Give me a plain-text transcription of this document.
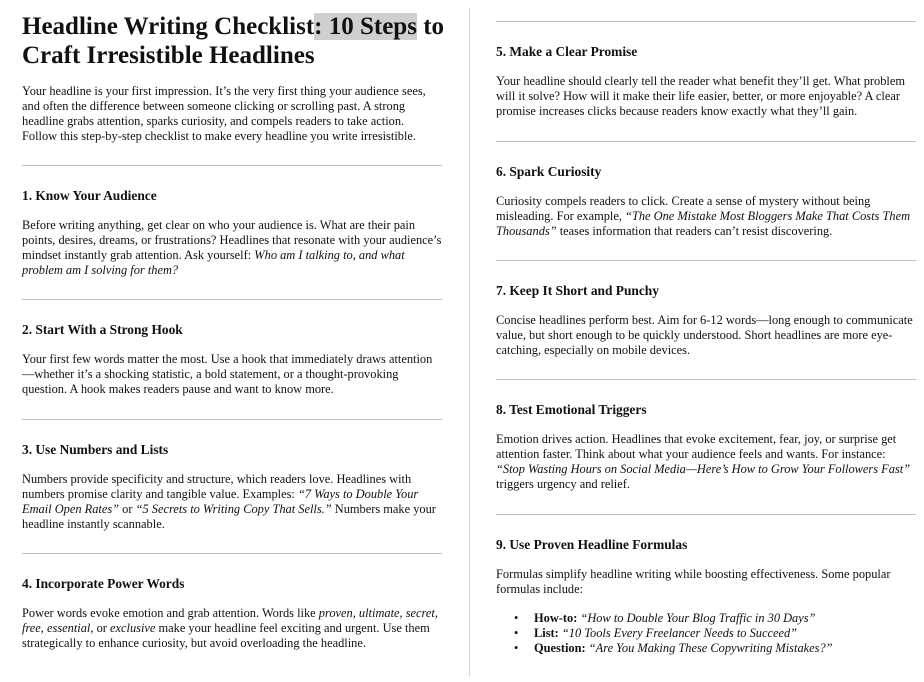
Headline Writing Checklist: 10 Steps to
Craft Irresistible Headlines

Your headline is your first impression. It’s the very first thing your audience sees, and often the difference between someone clicking or scrolling past. A strong headline grabs attention, sparks curiosity, and compels readers to take action. Follow this step-by-step checklist to make every headline you write irresistible.

1. Know Your Audience

Before writing anything, get clear on who your audience is. What are their pain points, desires, dreams, or frustrations? Headlines that resonate with your audience’s mindset instantly grab attention. Ask yourself: Who am I talking to, and what problem am I solving for them?

2. Start With a Strong Hook

Your first few words matter the most. Use a hook that immediately draws attention—whether it’s a shocking statistic, a bold statement, or a thought-provoking question. A hook makes readers pause and want to know more.

3. Use Numbers and Lists

Numbers provide specificity and structure, which readers love. Headlines with numbers promise clarity and tangible value. Examples: “7 Ways to Double Your Email Open Rates” or “5 Secrets to Writing Copy That Sells.” Numbers make your headline instantly scannable.

4. Incorporate Power Words

Power words evoke emotion and grab attention. Words like proven, ultimate, secret, free, essential, or exclusive make your headline feel exciting and urgent. Use them strategically to enhance curiosity, but avoid overloading the headline.

5. Make a Clear Promise

Your headline should clearly tell the reader what benefit they’ll get. What problem will it solve? How will it make their life easier, better, or more enjoyable? A clear promise increases clicks because readers know exactly what they’ll gain.

6. Spark Curiosity

Curiosity compels readers to click. Create a sense of mystery without being misleading. For example, “The One Mistake Most Bloggers Make That Costs Them Thousands” teases information that readers can’t resist discovering.

7. Keep It Short and Punchy

Concise headlines perform best. Aim for 6-12 words—long enough to communicate value, but short enough to be quickly understood. Short headlines are more eye-catching, especially on mobile devices.

8. Test Emotional Triggers

Emotion drives action. Headlines that evoke excitement, fear, joy, or surprise get attention faster. Think about what your audience feels and wants. For instance: “Stop Wasting Hours on Social Media—Here’s How to Grow Your Followers Fast” triggers urgency and relief.

9. Use Proven Headline Formulas

Formulas simplify headline writing while boosting effectiveness. Some popular formulas include:

• How-to: “How to Double Your Blog Traffic in 30 Days”
• List: “10 Tools Every Freelancer Needs to Succeed”
• Question: “Are You Making These Copywriting Mistakes?”
